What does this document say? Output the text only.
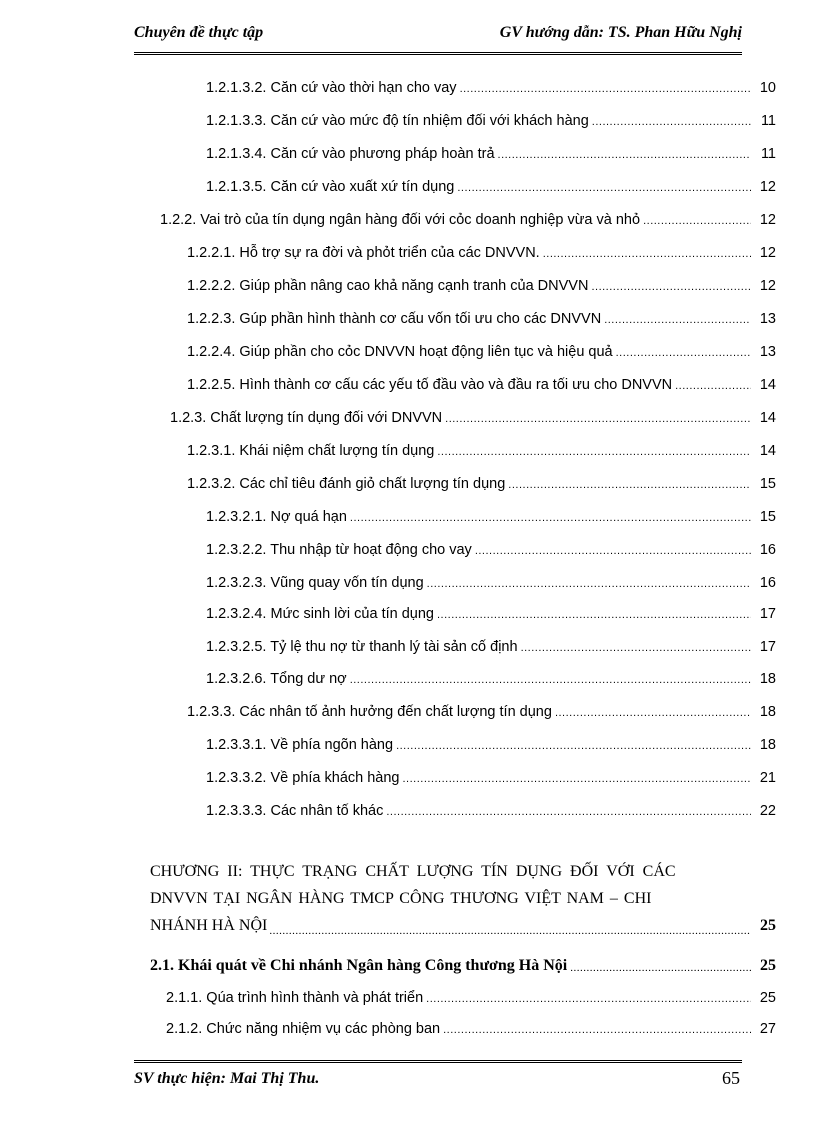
Chuyên đề thực tập	GV hướng dẫn: TS. Phan Hữu Nghị
1.2.1.3.2. Căn cứ vào thời hạn cho vay .....	10
1.2.1.3.3. Căn cứ vào mức độ tín nhiệm đối với khách hàng .....	11
1.2.1.3.4. Căn cứ vào phương pháp hoàn trả .....	11
1.2.1.3.5. Căn cứ vào xuất xứ tín dụng .....	12
1.2.2. Vai trò của tín dụng ngân hàng đối với cỏc doanh nghiệp vừa và nhỏ .....	12
1.2.2.1. Hỗ trợ sự ra đời và phỏt triển của các DNVVN. .....	12
1.2.2.2. Giúp phần nâng cao khả năng cạnh tranh của DNVVN .....	12
1.2.2.3. Gúp phần hình thành cơ cấu vốn tối ưu cho các DNVVN .....	13
1.2.2.4. Giúp phần cho cỏc DNVVN hoạt động liên tục và hiệu quả .....	13
1.2.2.5. Hình thành cơ cấu các yếu tố đầu vào và đầu ra tối ưu cho DNVVN .....	14
1.2.3. Chất lượng tín dụng đối với DNVVN .....	14
1.2.3.1. Khái niệm chất lượng tín dụng .....	14
1.2.3.2. Các chỉ tiêu đánh giỏ chất lượng tín dụng .....	15
1.2.3.2.1. Nợ quá hạn .....	15
1.2.3.2.2. Thu nhập từ hoạt động cho vay .....	16
1.2.3.2.3. Vũng quay vốn tín dụng .....	16
1.2.3.2.4. Mức sinh lời của tín dụng .....	17
1.2.3.2.5. Tỷ lệ thu nợ từ thanh lý tài sản cố định .....	17
1.2.3.2.6. Tổng dư nợ .....	18
1.2.3.3. Các nhân tố ảnh hưởng đến chất lượng tín dụng .....	18
1.2.3.3.1. Về phía ngõn hàng .....	18
1.2.3.3.2. Về phía khách hàng .....	21
1.2.3.3.3. Các nhân tố khác .....	22
CHƯƠNG II: THỰC TRẠNG CHẤT LƯỢNG TÍN DỤNG ĐỐI VỚI CÁC
DNVVN TẠI NGÂN HÀNG TMCP CÔNG THƯƠNG VIỆT NAM – CHI
NHÁNH HÀ NỘI .....	25
2.1. Khái quát về Chi nhánh Ngân hàng Công thương Hà Nội .....	25
2.1.1. Qúa trình hình thành và phát triển .....	25
2.1.2. Chức năng nhiệm vụ các phòng ban .....	27
SV thực hiện: Mai Thị Thu.	65
